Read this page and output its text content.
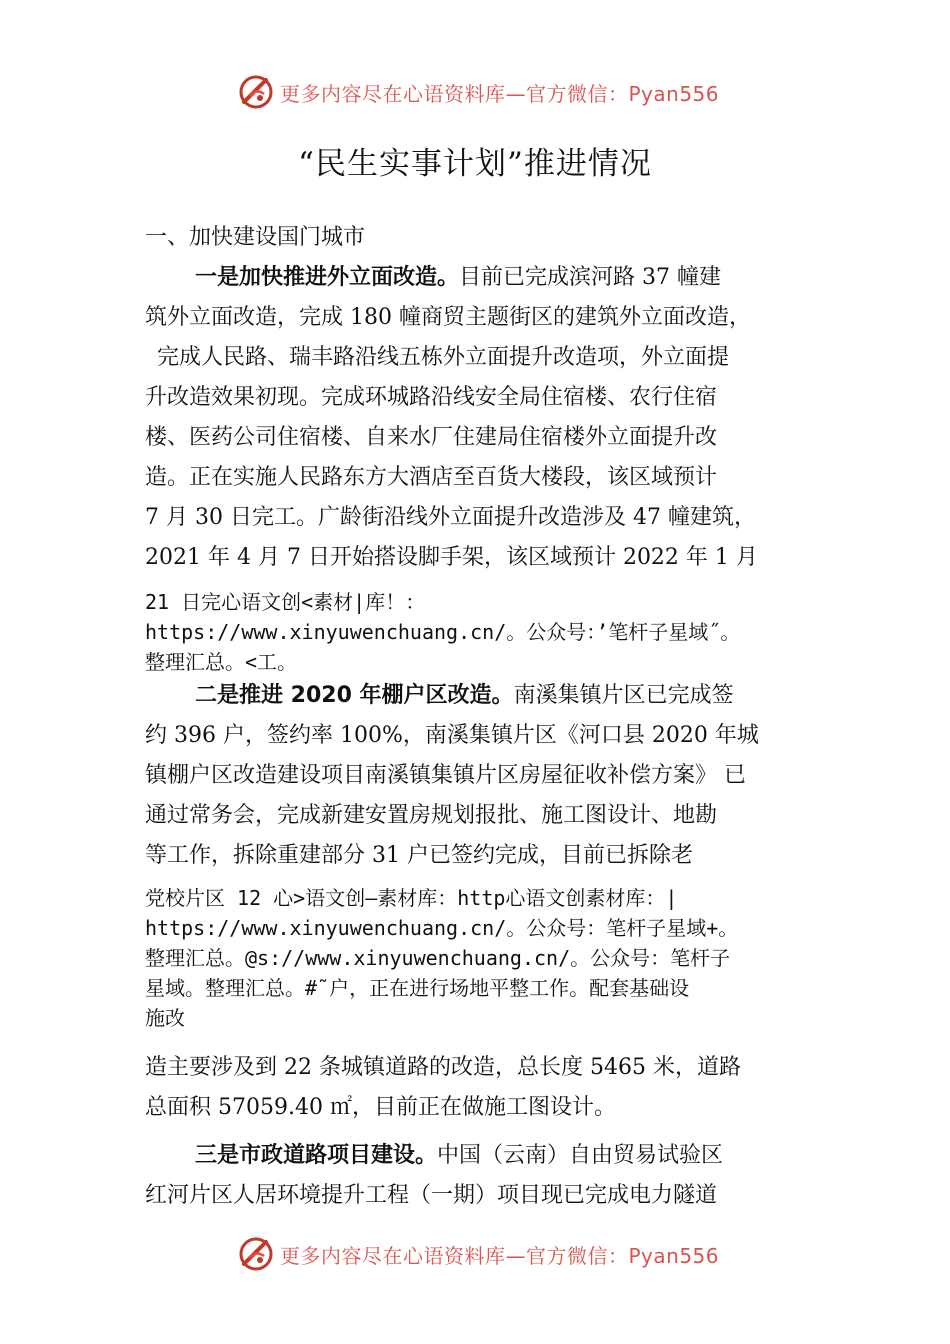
更多内容尽在心语资料库—官方微信：Pyan556
“民生实事计划”推进情况
一、加快建设国门城市
一是加快推进外立面改造。目前已完成滨河路 37 幢建
筑外立面改造，完成 180 幢商贸主题街区的建筑外立面改造，
完成人民路、瑞丰路沿线五栋外立面提升改造项，外立面提
升改造效果初现。完成环城路沿线安全局住宿楼、农行住宿
楼、医药公司住宿楼、自来水厂住建局住宿楼外立面提升改
造。正在实施人民路东方大酒店至百货大楼段，该区域预计
7 月 30 日完工。广龄街沿线外立面提升改造涉及 47 幢建筑，
2021 年 4 月 7 日开始搭设脚手架，该区域预计 2022 年 1 月
21 日完心语文创<素材|库！：
https://www.xinyuwenchuang.cn/。公众号：’笔杆子星域˝。
整理汇总。<工。
二是推进 2020 年棚户区改造。南溪集镇片区已完成签
约 396 户，签约率 100%，南溪集镇片区《河口县 2020 年城
镇棚户区改造建设项目南溪镇集镇片区房屋征收补偿方案》 已
通过常务会，完成新建安置房规划报批、施工图设计、地勘
等工作，拆除重建部分 31 户已签约完成，目前已拆除老
党校片区 12 心>语文创—素材库：http心语文创素材库：|
https://www.xinyuwenchuang.cn/。公众号：笔杆子星域+。
整理汇总。@s://www.xinyuwenchuang.cn/。公众号：笔杆子
星域。整理汇总。#˜户，正在进行场地平整工作。配套基础设
施改
造主要涉及到 22 条城镇道路的改造，总长度 5465 米，道路
总面积 57059.40 ㎡，目前正在做施工图设计。
三是市政道路项目建设。中国（云南）自由贸易试验区
红河片区人居环境提升工程（一期）项目现已完成电力隧道
更多内容尽在心语资料库—官方微信：Pyan556
